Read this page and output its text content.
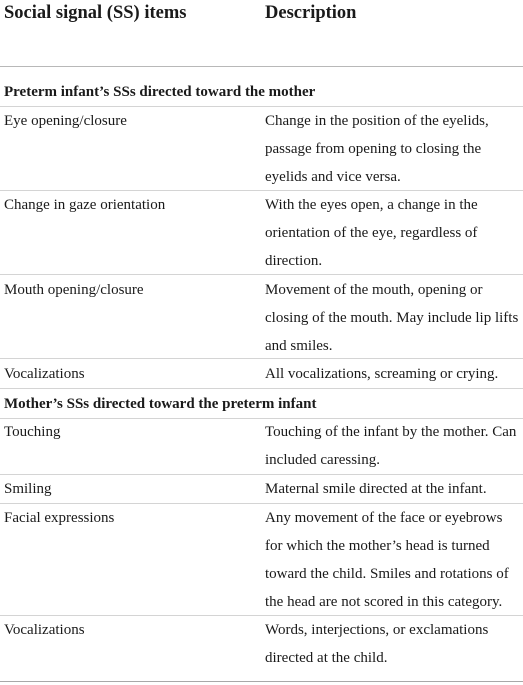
Social signal (SS) items	Description
Preterm infant’s SSs directed toward the mother
Eye opening/closure	Change in the position of the eyelids, passage from opening to closing the eyelids and vice versa.
Change in gaze orientation	With the eyes open, a change in the orientation of the eye, regardless of direction.
Mouth opening/closure	Movement of the mouth, opening or closing of the mouth. May include lip lifts and smiles.
Vocalizations	All vocalizations, screaming or crying.
Mother’s SSs directed toward the preterm infant
Touching	Touching of the infant by the mother. Can included caressing.
Smiling	Maternal smile directed at the infant.
Facial expressions	Any movement of the face or eyebrows for which the mother’s head is turned toward the child. Smiles and rotations of the head are not scored in this category.
Vocalizations	Words, interjections, or exclamations directed at the child.
